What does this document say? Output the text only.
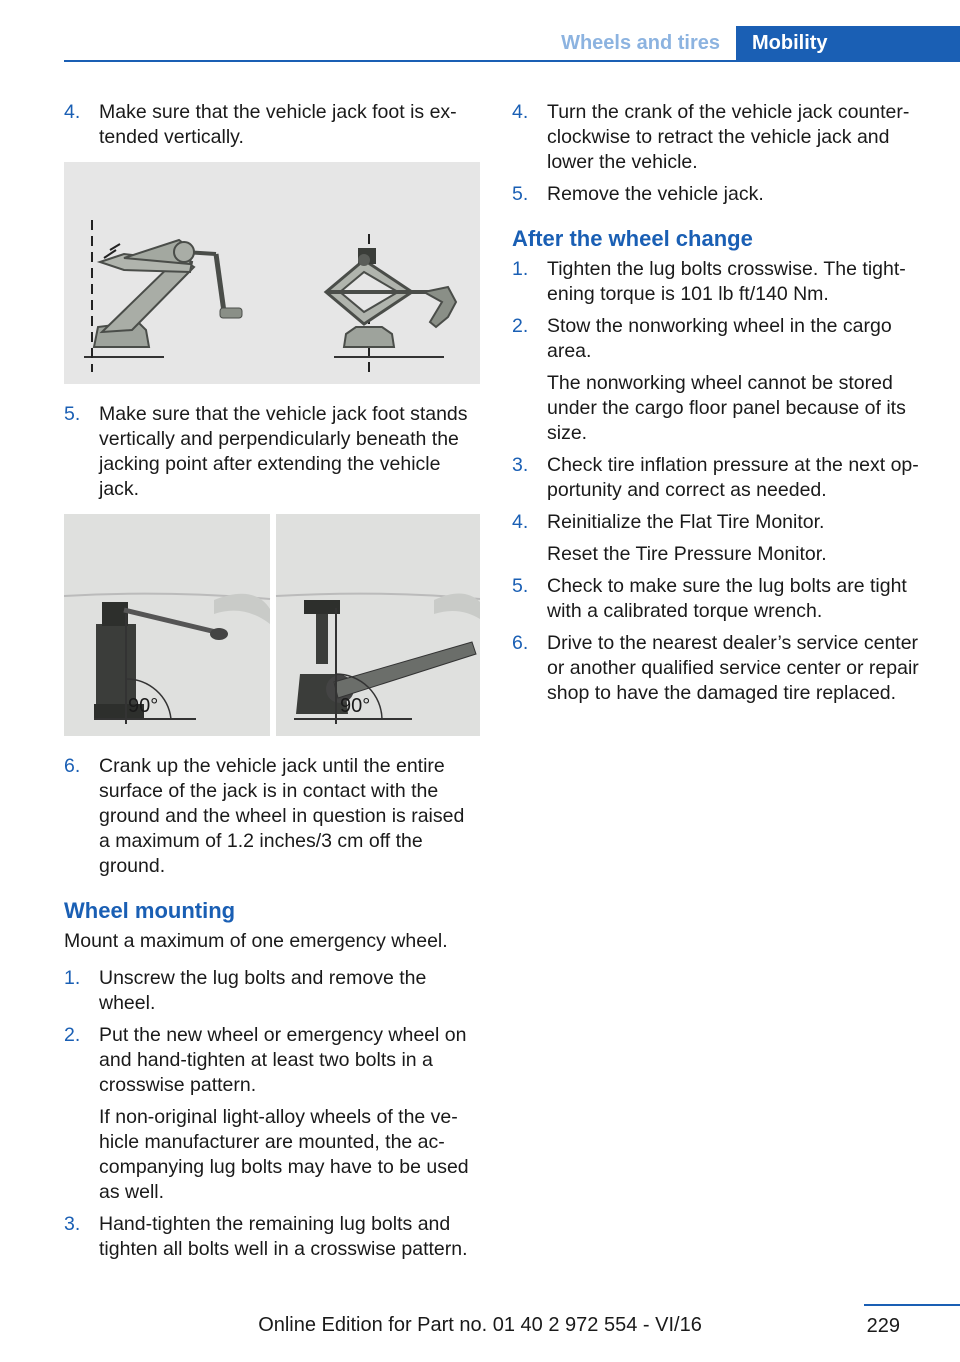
Wheels and tires	Mobility
4. Make sure that the vehicle jack foot is ex-tended vertically.
5. Make sure that the vehicle jack foot stands vertically and perpendicularly beneath the jacking point after extending the vehicle jack.
90°	90°
6. Crank up the vehicle jack until the entire surface of the jack is in contact with the ground and the wheel in question is raised a maximum of 1.2 inches/3 cm off the ground.
Wheel mounting
Mount a maximum of one emergency wheel.
1. Unscrew the lug bolts and remove the wheel.
2. Put the new wheel or emergency wheel on and hand-tighten at least two bolts in a crosswise pattern.
If non-original light-alloy wheels of the ve-hicle manufacturer are mounted, the ac-companying lug bolts may have to be used as well.
3. Hand-tighten the remaining lug bolts and tighten all bolts well in a crosswise pattern.
4. Turn the crank of the vehicle jack counter-clockwise to retract the vehicle jack and lower the vehicle.
5. Remove the vehicle jack.
After the wheel change
1. Tighten the lug bolts crosswise. The tight-ening torque is 101 lb ft/140 Nm.
2. Stow the nonworking wheel in the cargo area.
The nonworking wheel cannot be stored under the cargo floor panel because of its size.
3. Check tire inflation pressure at the next op-portunity and correct as needed.
4. Reinitialize the Flat Tire Monitor.
Reset the Tire Pressure Monitor.
5. Check to make sure the lug bolts are tight with a calibrated torque wrench.
6. Drive to the nearest dealer’s service center or another qualified service center or repair shop to have the damaged tire replaced.
229
Online Edition for Part no. 01 40 2 972 554 - VI/16
